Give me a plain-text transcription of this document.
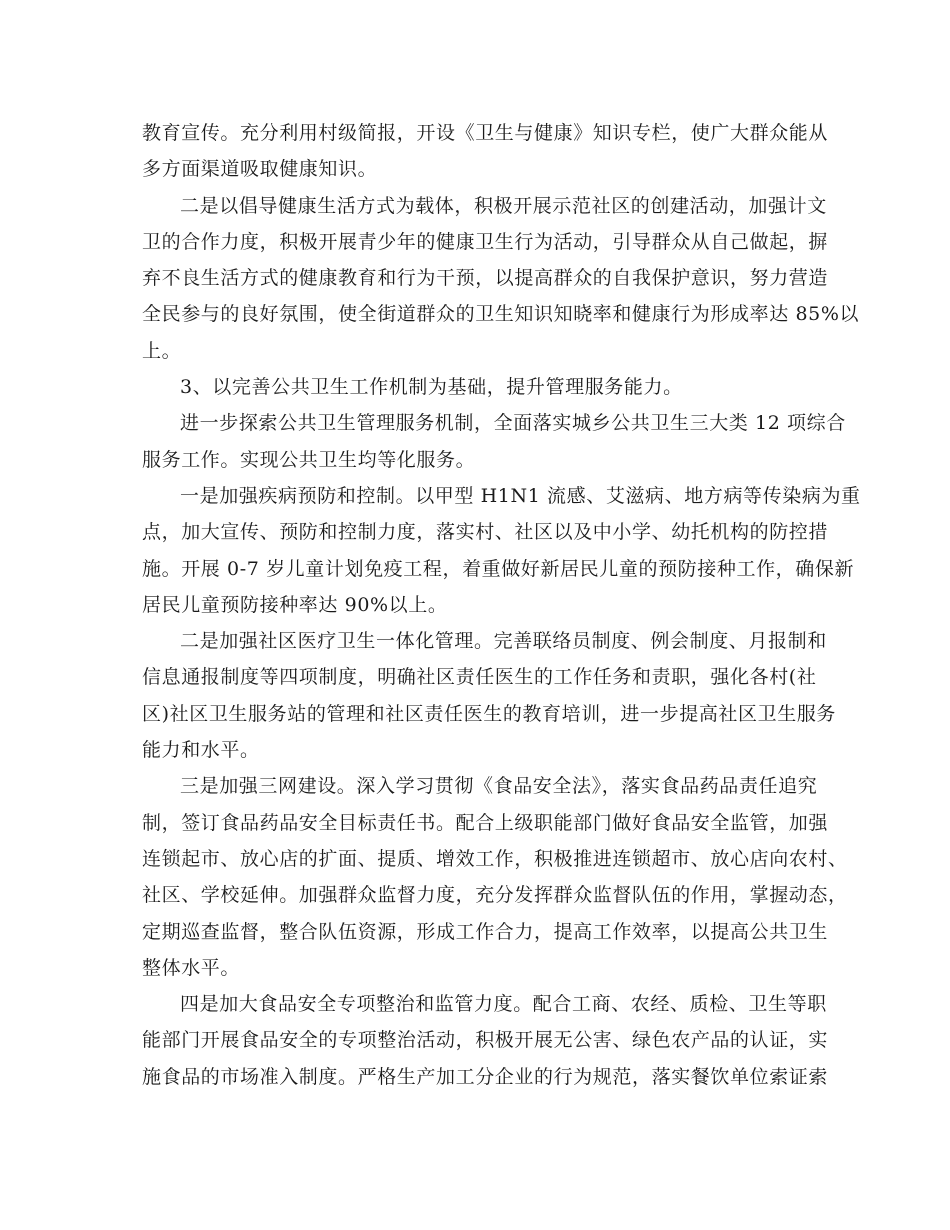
教育宣传。充分利用村级简报，开设《卫生与健康》知识专栏，使广大群众能从
多方面渠道吸取健康知识。
二是以倡导健康生活方式为载体，积极开展示范社区的创建活动，加强计文
卫的合作力度，积极开展青少年的健康卫生行为活动，引导群众从自己做起，摒
弃不良生活方式的健康教育和行为干预，以提高群众的自我保护意识，努力营造
全民参与的良好氛围，使全街道群众的卫生知识知晓率和健康行为形成率达 85%以
上。
3、以完善公共卫生工作机制为基础，提升管理服务能力。
进一步探索公共卫生管理服务机制，全面落实城乡公共卫生三大类 12 项综合
服务工作。实现公共卫生均等化服务。
一是加强疾病预防和控制。以甲型 H1N1 流感、艾滋病、地方病等传染病为重
点，加大宣传、预防和控制力度，落实村、社区以及中小学、幼托机构的防控措
施。开展 0-7 岁儿童计划免疫工程，着重做好新居民儿童的预防接种工作，确保新
居民儿童预防接种率达 90%以上。
二是加强社区医疗卫生一体化管理。完善联络员制度、例会制度、月报制和
信息通报制度等四项制度，明确社区责任医生的工作任务和责职，强化各村(社
区)社区卫生服务站的管理和社区责任医生的教育培训，进一步提高社区卫生服务
能力和水平。
三是加强三网建设。深入学习贯彻《食品安全法》，落实食品药品责任追究
制，签订食品药品安全目标责任书。配合上级职能部门做好食品安全监管，加强
连锁起市、放心店的扩面、提质、增效工作，积极推进连锁超市、放心店向农村、
社区、学校延伸。加强群众监督力度，充分发挥群众监督队伍的作用，掌握动态，
定期巡查监督，整合队伍资源，形成工作合力，提高工作效率，以提高公共卫生
整体水平。
四是加大食品安全专项整治和监管力度。配合工商、农经、质检、卫生等职
能部门开展食品安全的专项整治活动，积极开展无公害、绿色农产品的认证，实
施食品的市场准入制度。严格生产加工分企业的行为规范，落实餐饮单位索证索
